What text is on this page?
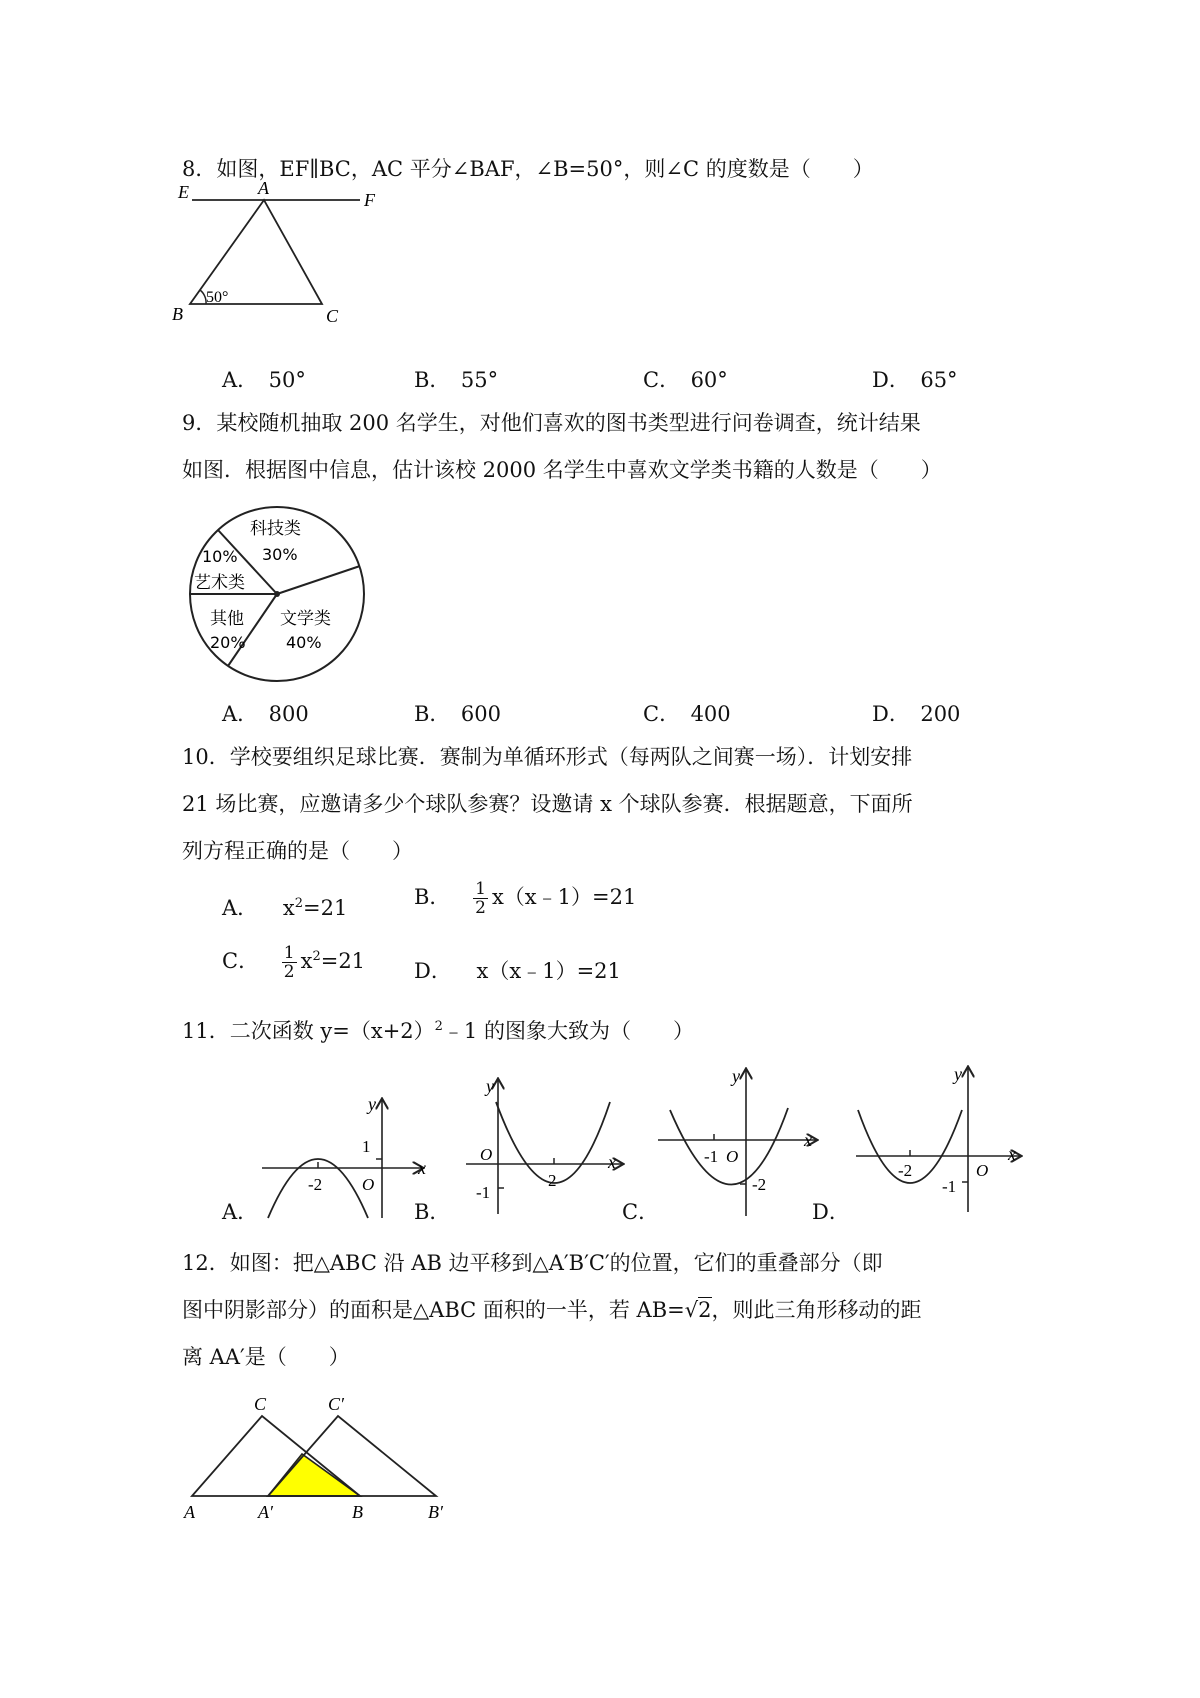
8．如图，EF∥BC，AC 平分∠BAF，∠B=50°，则∠C 的度数是（　　）
E	A
F
B	C
50°
A．　50°	B．　55°	C．　60°	D．　65°
9．某校随机抽取 200 名学生，对他们喜欢的图书类型进行问卷调查，统计结果
如图．根据图中信息，估计该校 2000 名学生中喜欢文学类书籍的人数是（　　）
科技类
30%
10%
艺术类
其他
20%
文学类
40%
A．　800	B．　600	C．　400	D．　200
10．学校要组织足球比赛．赛制为单循环形式（每两队之间赛一场）．计划安排
21 场比赛，应邀请多少个球队参赛？设邀请 x 个球队参赛．根据题意，下面所
列方程正确的是（　　）
A． $x^2=21$	B． $\frac{1}{2}$ x（x﹣1）=21
C． $\frac{1}{2} x^2=21$ D． x（x﹣1）=21
11．二次函数 $y=(x+2)^2﹣1$ 的图象大致为（　　）
y
x
1
-2 O
A．
y
x
O
-1
2
B．
y
x
-1 O
-2
C．
y
x
-2	O
-1
D．
12．如图：把△ABC 沿 AB 边平移到△A′B′C′的位置，它们的重叠部分（即
图中阴影部分）的面积是△ABC 面积的一半，若 AB=√2，则此三角形移动的距
离 AA′是（　　）
C	C′
A	A′	B	B′
